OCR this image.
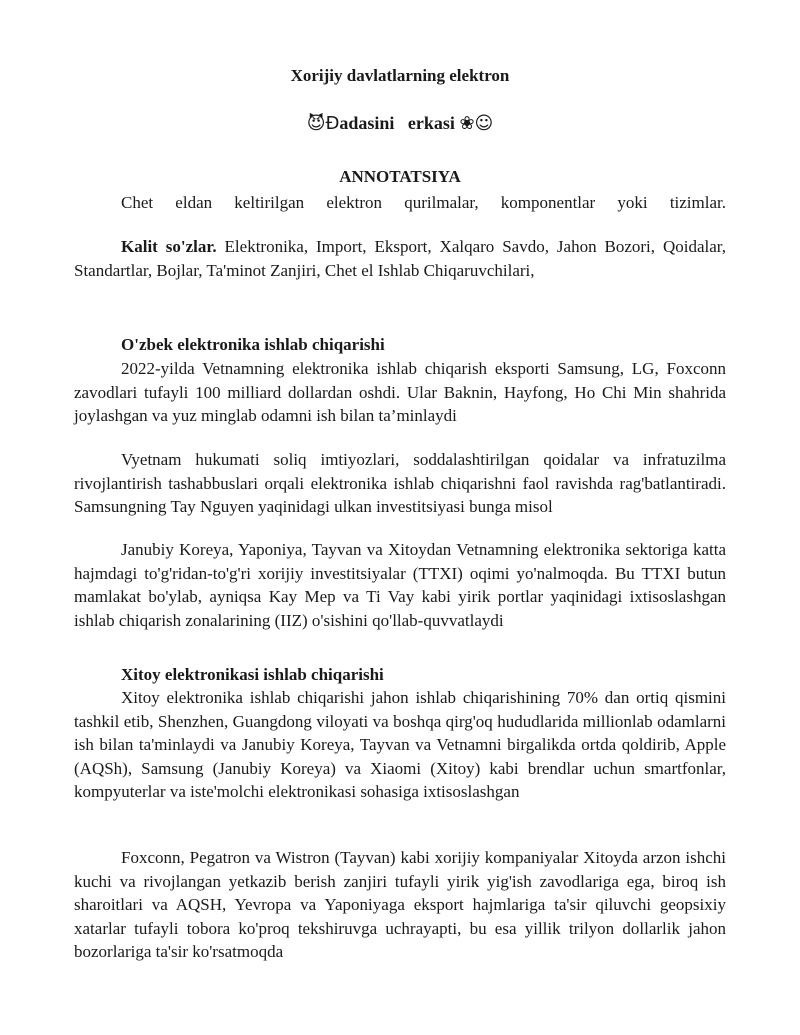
Xorijiy davlatlarning elektron
😈Ɖadasini   erkasi ❀☺
ANNOTATSIYA
Chet eldan keltirilgan elektron qurilmalar, komponentlar yoki tizimlar.
Kalit so'zlar. Elektronika, Import, Eksport, Xalqaro Savdo, Jahon Bozori, Qoidalar, Standartlar, Bojlar, Ta'minot Zanjiri, Chet el Ishlab Chiqaruvchilari,
O'zbek elektronika ishlab chiqarishi
2022-yilda Vetnamning elektronika ishlab chiqarish eksporti Samsung, LG, Foxconn zavodlari tufayli 100 milliard dollardan oshdi. Ular Baknin, Hayfong, Ho Chi Min shahrida joylashgan va yuz minglab odamni ish bilan ta’minlaydi
Vyetnam hukumati soliq imtiyozlari, soddalashtirilgan qoidalar va infratuzilma rivojlantirish tashabbuslari orqali elektronika ishlab chiqarishni faol ravishda rag'batlantiradi. Samsungning Tay Nguyen yaqinidagi ulkan investitsiyasi bunga misol
Janubiy Koreya, Yaponiya, Tayvan va Xitoydan Vetnamning elektronika sektoriga katta hajmdagi to'g'ridan-to'g'ri xorijiy investitsiyalar (TTXI) oqimi yo'nalmoqda. Bu TTXI butun mamlakat bo'ylab, ayniqsa Kay Mep va Ti Vay kabi yirik portlar yaqinidagi ixtisoslashgan ishlab chiqarish zonalarining (IIZ) o'sishini qo'llab-quvvatlaydi
Xitoy elektronikasi ishlab chiqarishi
Xitoy elektronika ishlab chiqarishi jahon ishlab chiqarishining 70% dan ortiq qismini tashkil etib, Shenzhen, Guangdong viloyati va boshqa qirg'oq hududlarida millionlab odamlarni ish bilan ta'minlaydi va Janubiy Koreya, Tayvan va Vetnamni birgalikda ortda qoldirib, Apple (AQSh), Samsung (Janubiy Koreya) va Xiaomi (Xitoy) kabi brendlar uchun smartfonlar, kompyuterlar va iste'molchi elektronikasi sohasiga ixtisoslashgan
Foxconn, Pegatron va Wistron (Tayvan) kabi xorijiy kompaniyalar Xitoyda arzon ishchi kuchi va rivojlangan yetkazib berish zanjiri tufayli yirik yig'ish zavodlariga ega, biroq ish sharoitlari va AQSH, Yevropa va Yaponiyaga eksport hajmlariga ta'sir qiluvchi geopsixiy xatarlar tufayli tobora ko'proq tekshiruvga uchrayapti, bu esa yillik trilyon dollarlik jahon bozorlariga ta'sir ko'rsatmoqda
